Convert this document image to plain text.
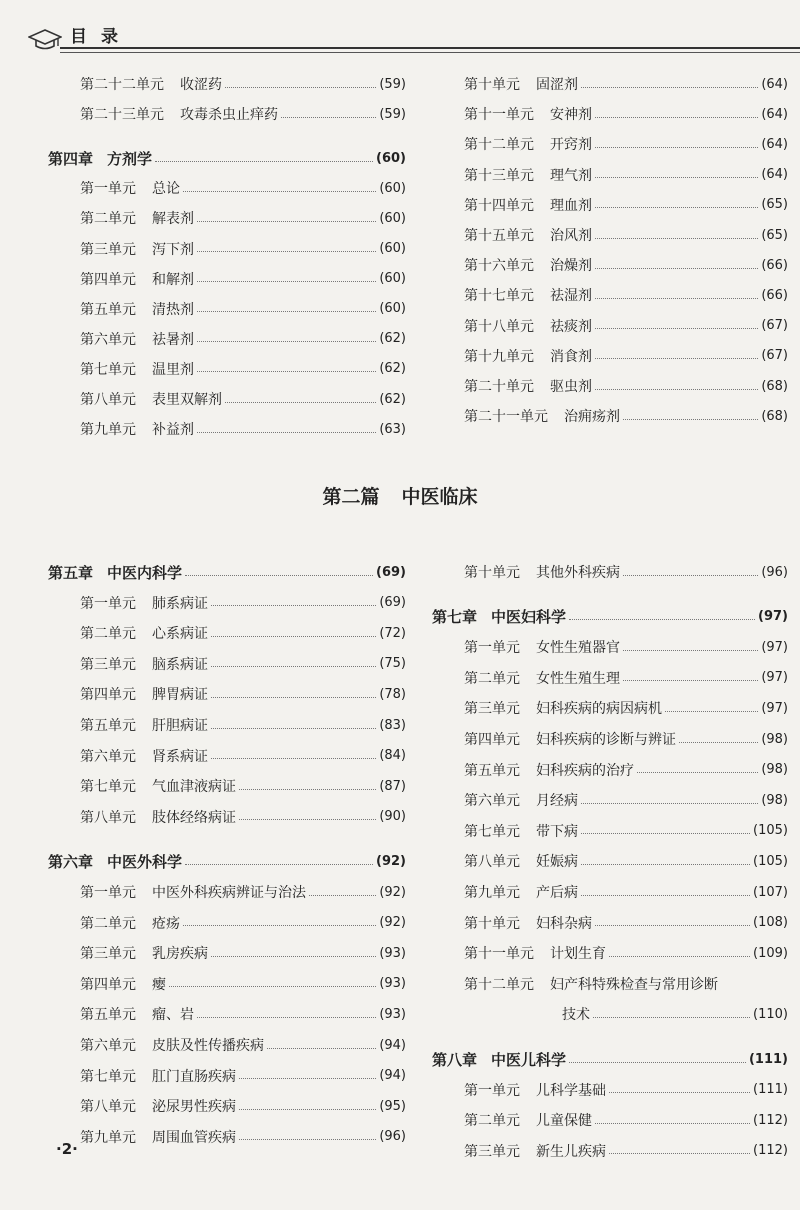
目录
第二十二单元 收涩药	(59)
第二十三单元 攻毒杀虫止痒药	(59)
第四章 方剂学	(60)
第一单元 总论	(60)
第二单元 解表剂	(60)
第三单元 泻下剂	(60)
第四单元 和解剂	(60)
第五单元 清热剂	(60)
第六单元 祛暑剂	(62)
第七单元 温里剂	(62)
第八单元 表里双解剂	(62)
第九单元 补益剂	(63)
第十单元 固涩剂	(64)
第十一单元 安神剂	(64)
第十二单元 开窍剂	(64)
第十三单元 理气剂	(64)
第十四单元 理血剂	(65)
第十五单元 治风剂	(65)
第十六单元 治燥剂	(66)
第十七单元 祛湿剂	(66)
第十八单元 祛痰剂	(67)
第十九单元 消食剂	(67)
第二十单元 驱虫剂	(68)
第二十一单元 治痈疡剂	(68)
第二篇 中医临床
第五章 中医内科学	(69)
第一单元 肺系病证	(69)
第二单元 心系病证	(72)
第三单元 脑系病证	(75)
第四单元 脾胃病证	(78)
第五单元 肝胆病证	(83)
第六单元 肾系病证	(84)
第七单元 气血津液病证	(87)
第八单元 肢体经络病证	(90)
第六章 中医外科学	(92)
第一单元 中医外科疾病辨证与治法	(92)
第二单元 疮疡	(92)
第三单元 乳房疾病	(93)
第四单元 瘿	(93)
第五单元 瘤、岩	(93)
第六单元 皮肤及性传播疾病	(94)
第七单元 肛门直肠疾病	(94)
第八单元 泌尿男性疾病	(95)
第九单元 周围血管疾病	(96)
第十单元 其他外科疾病	(96)
第七章 中医妇科学	(97)
第一单元 女性生殖器官	(97)
第二单元 女性生殖生理	(97)
第三单元 妇科疾病的病因病机	(97)
第四单元 妇科疾病的诊断与辨证	(98)
第五单元 妇科疾病的治疗	(98)
第六单元 月经病	(98)
第七单元 带下病	(105)
第八单元 妊娠病	(105)
第九单元 产后病	(107)
第十单元 妇科杂病	(108)
第十一单元 计划生育	(109)
第十二单元 妇产科特殊检查与常用诊断
技术	(110)
第八章 中医儿科学	(111)
第一单元 儿科学基础	(111)
第二单元 儿童保健	(112)
第三单元 新生儿疾病	(112)
·2·
